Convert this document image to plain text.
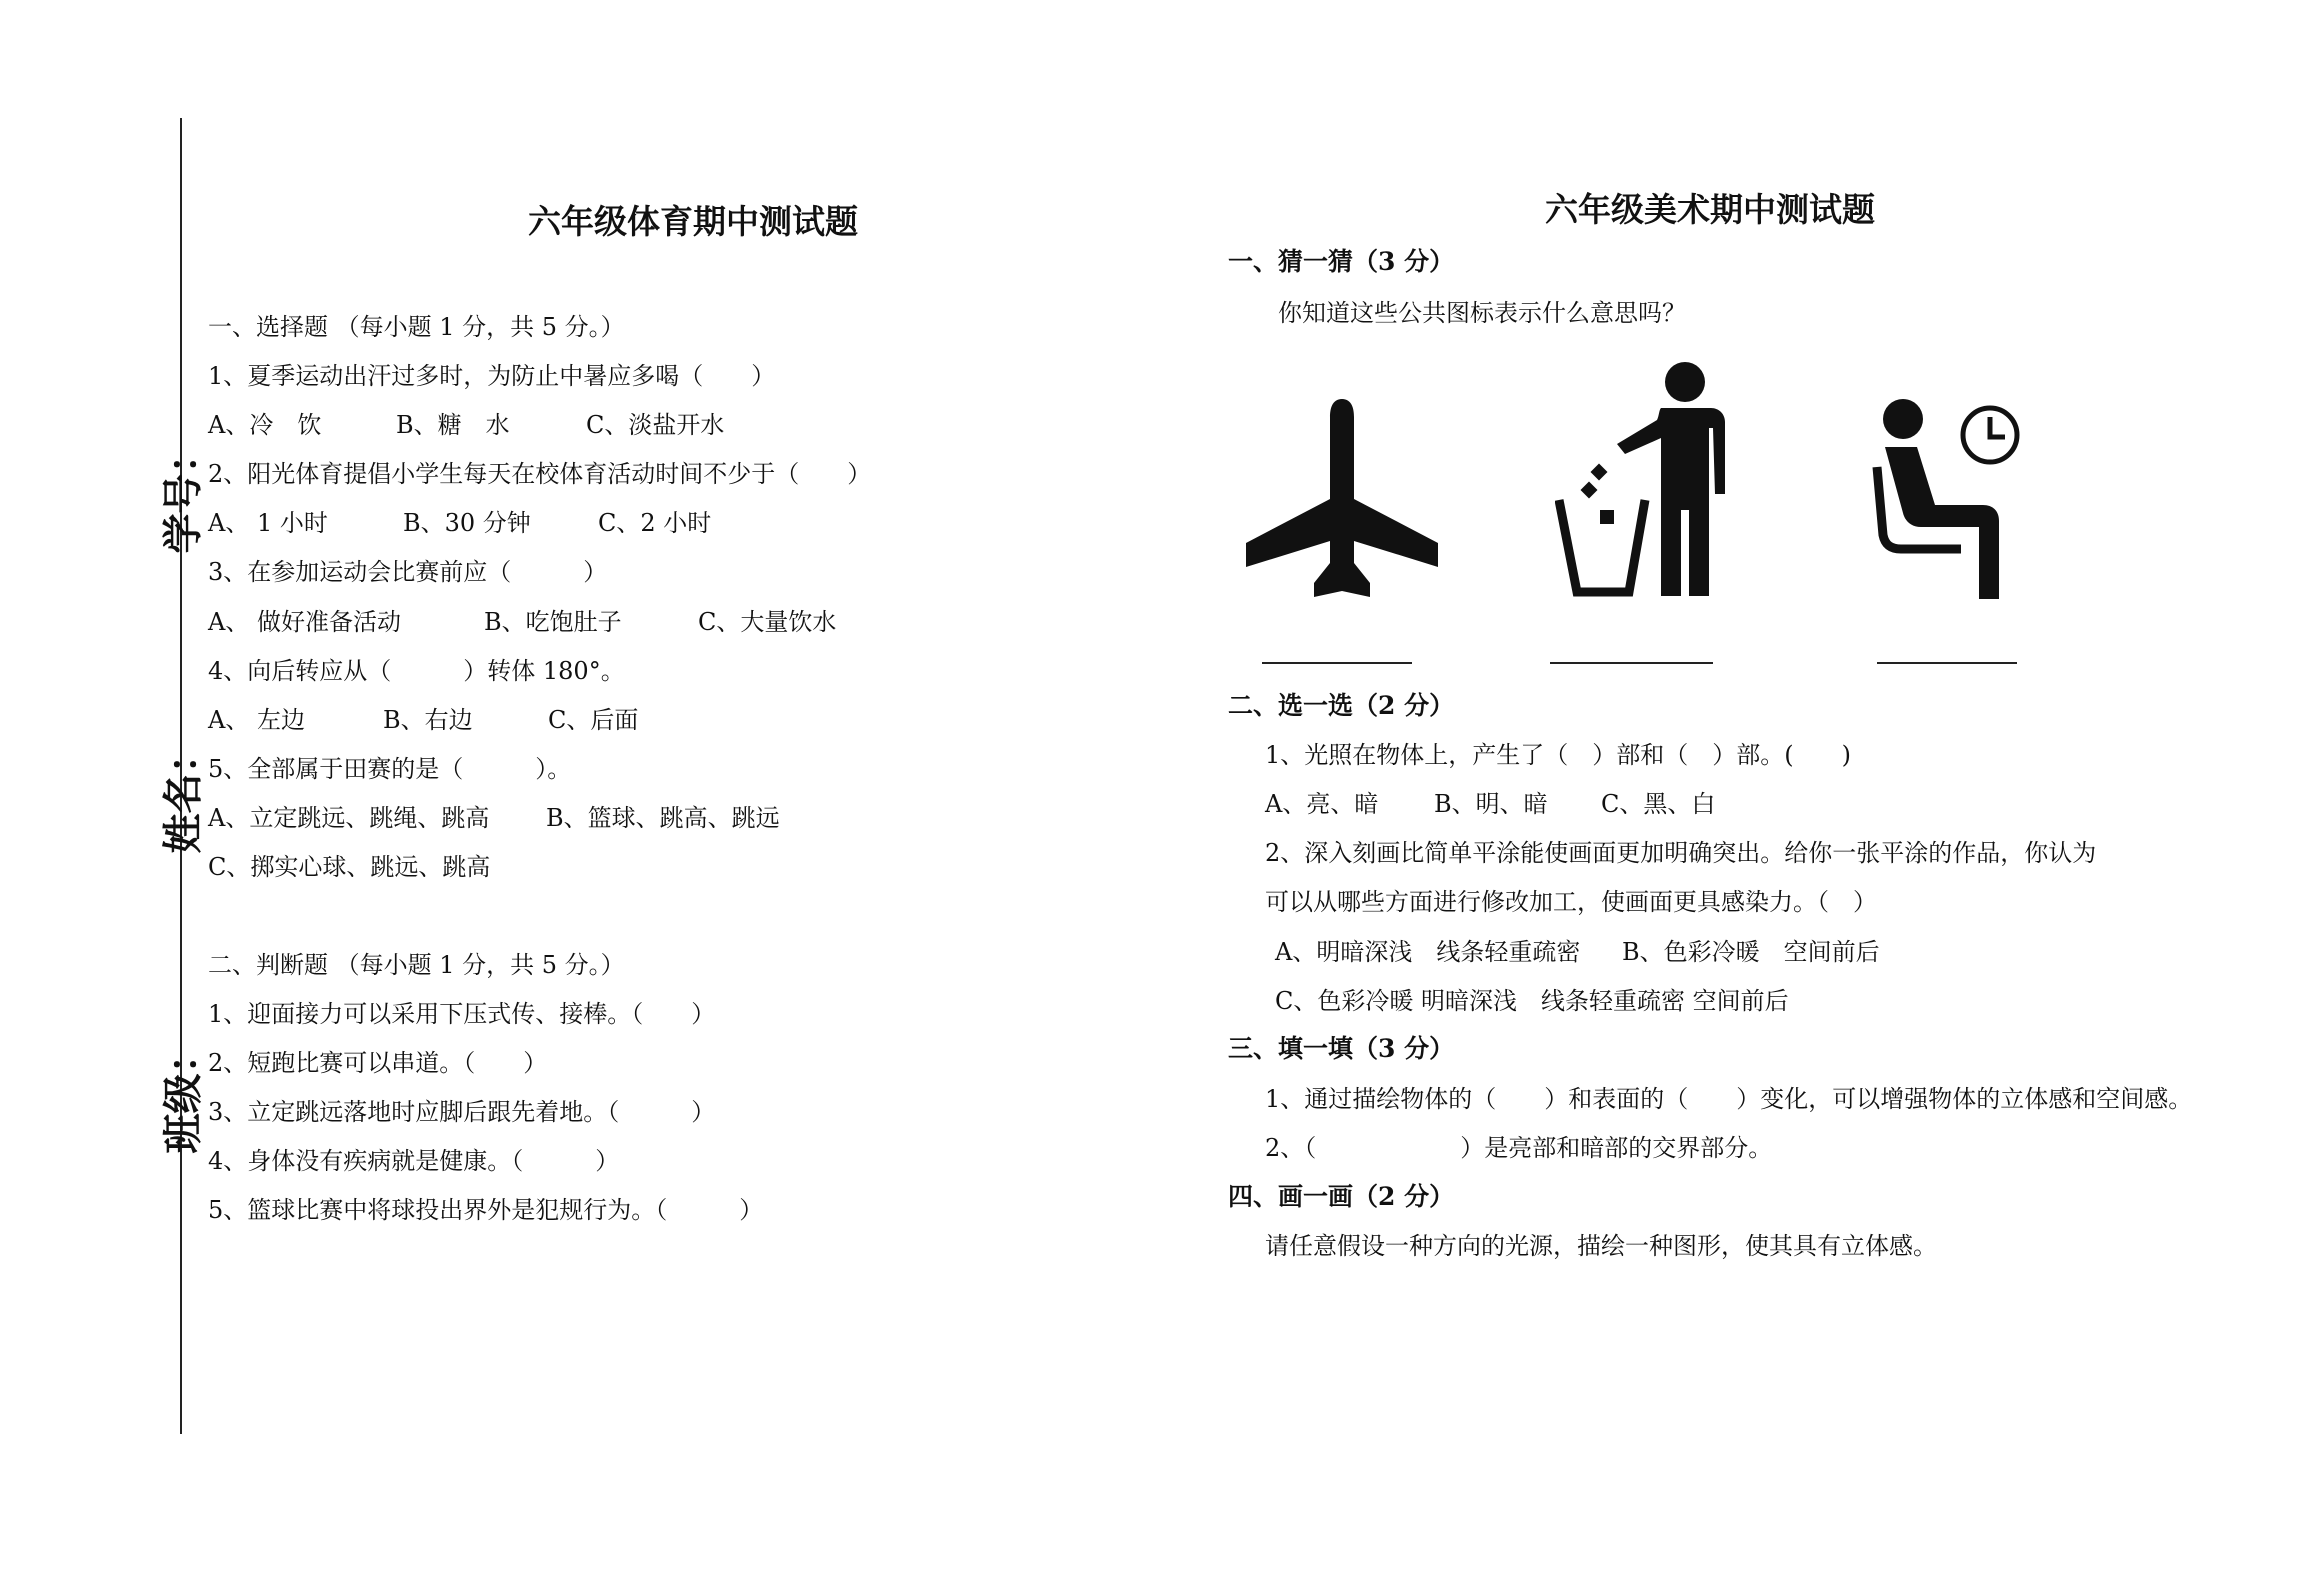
学号：
姓名：
班级：
六年级体育期中测试题
一、选择题 （每小题 1 分，共 5 分。）
1、夏季运动出汗过多时，为防止中暑应多喝（　　）
A、冷　饮	B、糖　水	C、淡盐开水
2、阳光体育提倡小学生每天在校体育活动时间不少于（　　）
A、 1 小时	B、30 分钟	C、2 小时
3、在参加运动会比赛前应（　　　）
A、 做好准备活动	B、吃饱肚子	C、大量饮水
4、向后转应从（　　　）转体 180°。
A、 左边	B、右边	C、后面
5、全部属于田赛的是（　　　）。
A、立定跳远、跳绳、跳高 B、篮球、跳高、跳远
C、掷实心球、跳远、跳高
二、判断题 （每小题 1 分，共 5 分。）
1、迎面接力可以采用下压式传、接棒。（　　）
2、短跑比赛可以串道。（　　）
3、立定跳远落地时应脚后跟先着地。（　　　）
4、身体没有疾病就是健康。（　　　）
5、篮球比赛中将球投出界外是犯规行为。（　　　）
六年级美术期中测试题
一、猜一猜（3 分）
你知道这些公共图标表示什么意思吗？
二、选一选（2 分）
1、光照在物体上，产生了（　）部和（　）部。(　　)
A、亮、暗 B、明、暗 C、黑、白
2、深入刻画比简单平涂能使画面更加明确突出。给你一张平涂的作品，你认为
可以从哪些方面进行修改加工，使画面更具感染力。（　）
A、明暗深浅　线条轻重疏密 B、色彩冷暖　空间前后
C、色彩冷暖 明暗深浅　线条轻重疏密 空间前后
三、填一填（3 分）
1、通过描绘物体的（　　）和表面的（　　）变化，可以增强物体的立体感和空间感。
2、（　　　　　　）是亮部和暗部的交界部分。
四、画一画（2 分）
请任意假设一种方向的光源，描绘一种图形，使其具有立体感。
